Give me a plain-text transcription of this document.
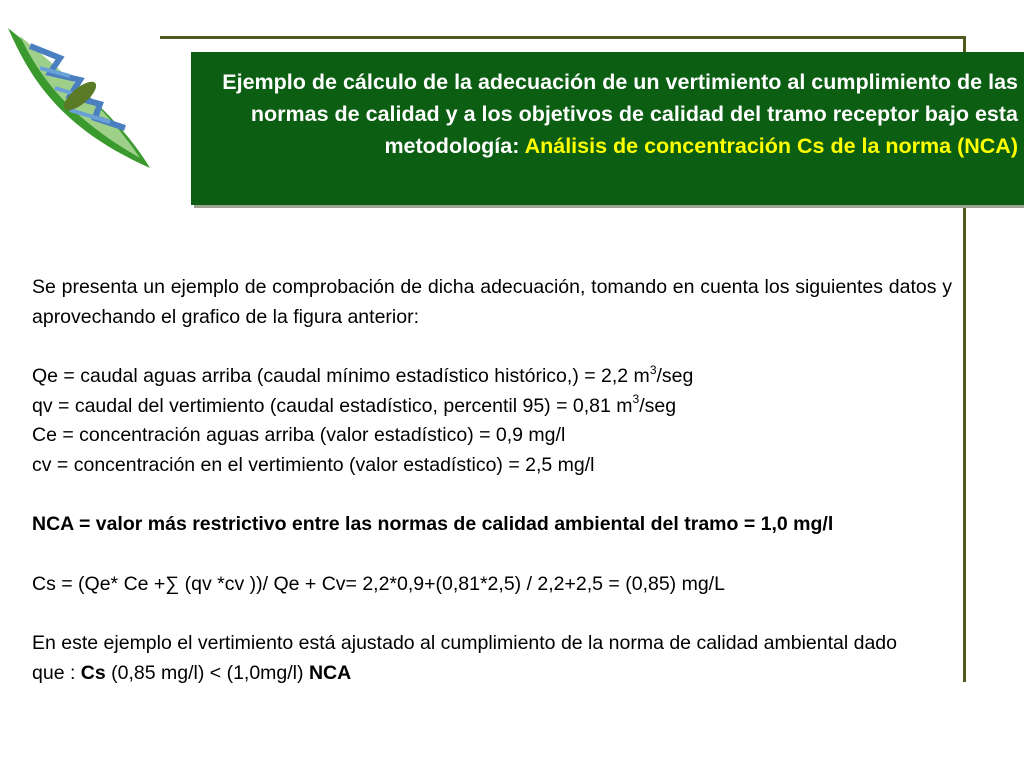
CRA

Ejemplo de cálculo de la adecuación de un vertimiento al cumplimiento de las normas de calidad y a los objetivos de calidad del tramo receptor bajo esta metodología: Análisis de concentración Cs de la norma (NCA)

Se presenta un ejemplo de comprobación de dicha adecuación, tomando en cuenta los siguientes datos y aprovechando el grafico de la figura anterior:

Qe = caudal aguas arriba (caudal mínimo estadístico histórico,) = 2,2 $m^3$/seg

qv = caudal del vertimiento (caudal estadístico, percentil 95) = 0,81 $m^3$/seg

Ce = concentración aguas arriba (valor estadístico) = 0,9 mg/l

cv = concentración en el vertimiento (valor estadístico) = 2,5 mg/l

NCA = valor más restrictivo entre las normas de calidad ambiental del tramo = 1,0 mg/l

Cs = (Qe* Ce +∑ (qv *cv ))/ Qe + Cv= 2,2*0,9+(0,81*2,5) / 2,2+2,5 = (0,85) mg/L

En este ejemplo el vertimiento está ajustado al cumplimiento de la norma de calidad ambiental dado que : Cs (0,85 mg/l) < (1,0mg/l) NCA
